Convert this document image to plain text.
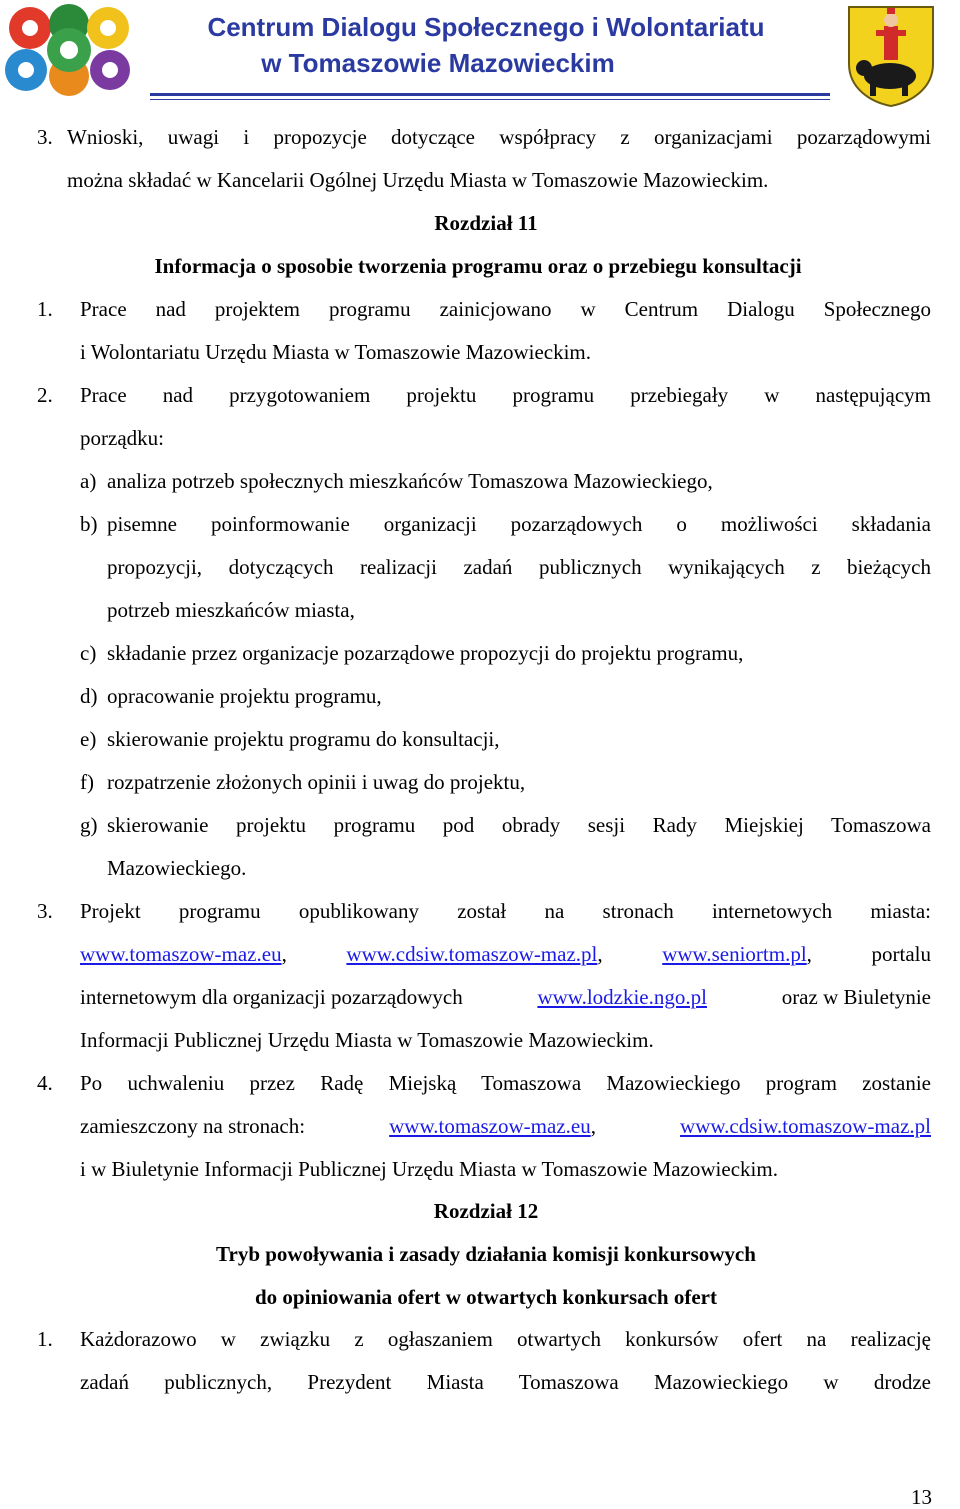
Centrum Dialogu Społecznego i Wolontariatu
w Tomaszowie Mazowieckim
3. Wnioski, uwagi i propozycje dotyczące współpracy z organizacjami pozarządowymi
można składać w Kancelarii Ogólnej Urzędu Miasta w Tomaszowie Mazowieckim.
Rozdział 11
Informacja o sposobie tworzenia programu oraz o przebiegu konsultacji
1. Prace nad projektem programu zainicjowano w Centrum Dialogu Społecznego
i Wolontariatu Urzędu Miasta w Tomaszowie Mazowieckim.
2. Prace nad przygotowaniem projektu programu przebiegały w następującym
porządku:
a) analiza potrzeb społecznych mieszkańców Tomaszowa Mazowieckiego,
b) pisemne poinformowanie organizacji pozarządowych o możliwości składania
propozycji, dotyczących realizacji zadań publicznych wynikających z bieżących
potrzeb mieszkańców miasta,
c) składanie przez organizacje pozarządowe propozycji do projektu programu,
d) opracowanie projektu programu,
e) skierowanie projektu programu do konsultacji,
f) rozpatrzenie złożonych opinii i uwag do projektu,
g) skierowanie projektu programu pod obrady sesji Rady Miejskiej Tomaszowa
Mazowieckiego.
3. Projekt programu opublikowany został na stronach internetowych miasta:
www.tomaszow-maz.eu,	www.cdsiw.tomaszow-maz.pl,	www.seniortm.pl,	portalu
internetowym dla organizacji pozarządowych	www.lodzkie.ngo.pl	oraz w Biuletynie
Informacji Publicznej Urzędu Miasta w Tomaszowie Mazowieckim.
4. Po uchwaleniu przez Radę Miejską Tomaszowa Mazowieckiego program zostanie
zamieszczony na stronach:	www.tomaszow-maz.eu,	www.cdsiw.tomaszow-maz.pl
i w Biuletynie Informacji Publicznej Urzędu Miasta w Tomaszowie Mazowieckim.
Rozdział 12
Tryb powoływania i zasady działania komisji konkursowych
do opiniowania ofert w otwartych konkursach ofert
1. Każdorazowo w związku z ogłaszaniem otwartych konkursów ofert na realizację
zadań publicznych, Prezydent Miasta Tomaszowa Mazowieckiego w drodze
13
